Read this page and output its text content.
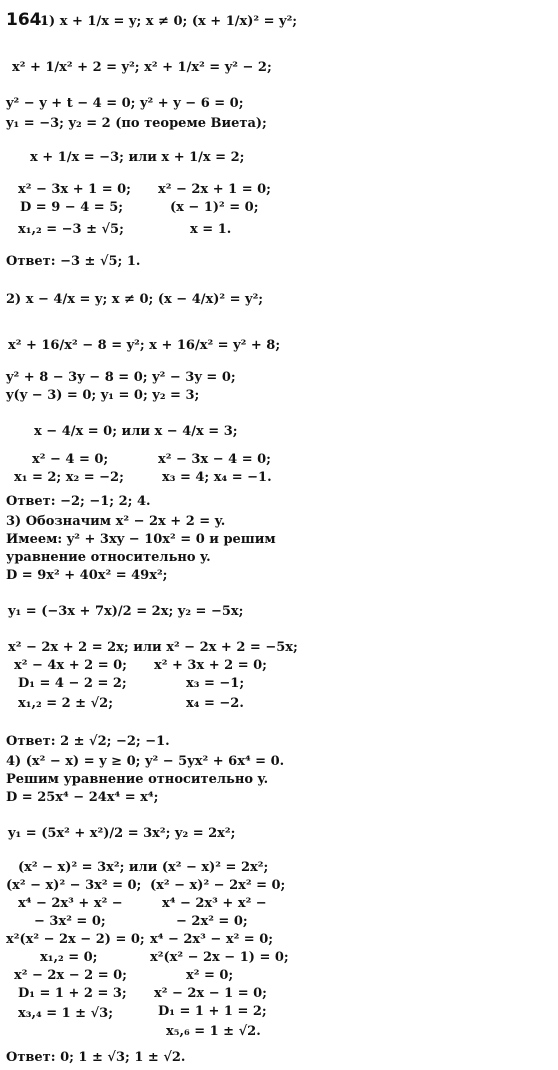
164.
1) x + 1/x = y; x ≠ 0; (x + 1/x)² = y²;
x² + 1/x² + 2 = y²; x² + 1/x² = y² − 2;
y² − y + t − 4 = 0; y² + y − 6 = 0;
y₁ = −3; y₂ = 2 (по теореме Виета);
x + 1/x = −3; или x + 1/x = 2;
x² − 3x + 1 = 0; x² − 2x + 1 = 0;
D = 9 − 4 = 5;	(x − 1)² = 0;
x₁,₂ = −3 ± √5;	x = 1.
Ответ: −3 ± √5; 1.
2) x − 4/x = y; x ≠ 0; (x − 4/x)² = y²;
x² + 16/x² − 8 = y²; x + 16/x² = y² + 8;
y² + 8 − 3y − 8 = 0; y² − 3y = 0;
y(y − 3) = 0; y₁ = 0; y₂ = 3;
x − 4/x = 0; или x − 4/x = 3;
x² − 4 = 0;	x² − 3x − 4 = 0;
x₁ = 2; x₂ = −2;	x₃ = 4; x₄ = −1.
Ответ: −2; −1; 2; 4.
3) Обозначим x² − 2x + 2 = y.
Имеем: y² + 3xy − 10x² = 0 и решим
уравнение относительно y.
D = 9x² + 40x² = 49x²;
y₁ = (−3x + 7x)/2 = 2x; y₂ = −5x;
x² − 2x + 2 = 2x; или x² − 2x + 2 = −5x;
x² − 4x + 2 = 0; x² + 3x + 2 = 0;
D₁ = 4 − 2 = 2;	x₃ = −1;
x₁,₂ = 2 ± √2;	x₄ = −2.
Ответ: 2 ± √2; −2; −1.
4) (x² − x) = y ≥ 0; y² − 5yx² + 6x⁴ = 0.
Решим уравнение относительно y.
D = 25x⁴ − 24x⁴ = x⁴;
y₁ = (5x² + x²)/2 = 3x²; y₂ = 2x²;
(x² − x)² = 3x²; или (x² − x)² = 2x²;
(x² − x)² − 3x² = 0; (x² − x)² − 2x² = 0;
x⁴ − 2x³ + x² −	x⁴ − 2x³ + x² −
− 3x² = 0;	− 2x² = 0;
x²(x² − 2x − 2) = 0; x⁴ − 2x³ − x² = 0;
x₁,₂ = 0;	x²(x² − 2x − 1) = 0;
x² − 2x − 2 = 0;	x² = 0;
D₁ = 1 + 2 = 3; x² − 2x − 1 = 0;
x₃,₄ = 1 ± √3;	D₁ = 1 + 1 = 2;
x₅,₆ = 1 ± √2.
Ответ: 0; 1 ± √3; 1 ± √2.
